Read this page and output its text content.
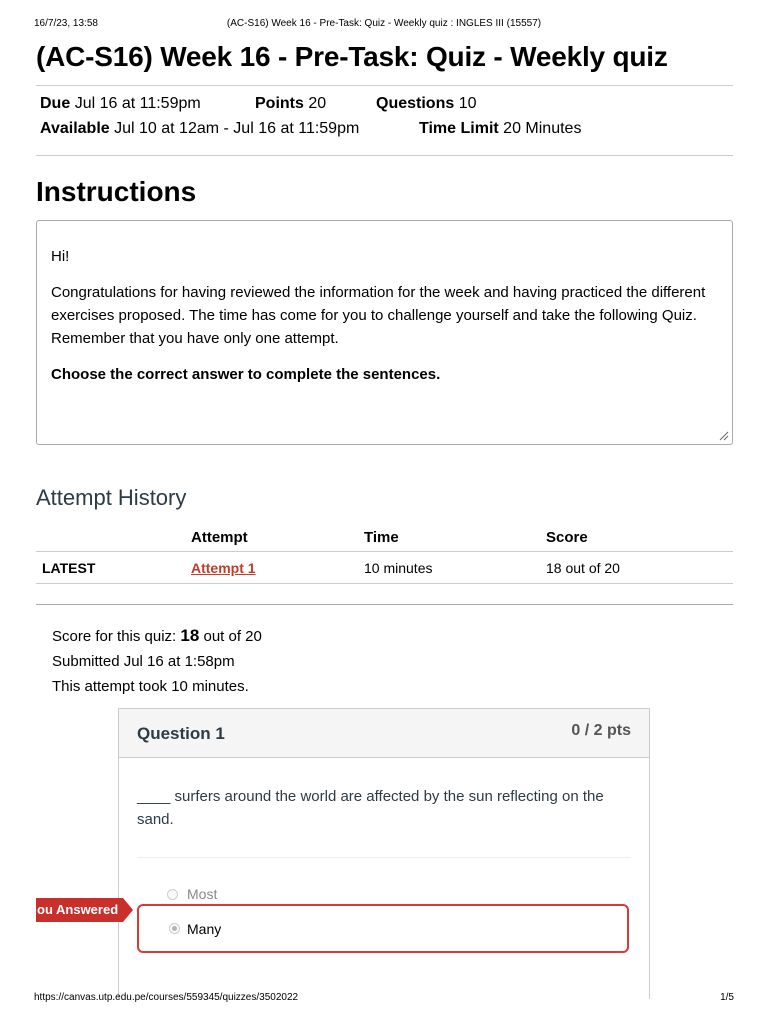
16/7/23, 13:58	(AC-S16) Week 16 - Pre-Task: Quiz - Weekly quiz : INGLES III (15557)
(AC-S16) Week 16 - Pre-Task: Quiz - Weekly quiz
Due Jul 16 at 11:59pm	Points 20	Questions 10
Available Jul 10 at 12am - Jul 16 at 11:59pm	Time Limit 20 Minutes
Instructions

Hi!

Congratulations for having reviewed the information for the week and having practiced the different exercises proposed. The time has come for you to challenge yourself and take the following Quiz. Remember that you have only one attempt.

Choose the correct answer to complete the sentences.

Attempt History
	Attempt	Time	Score
LATEST	Attempt 1	10 minutes	18 out of 20
Score for this quiz: 18 out of 20
Submitted Jul 16 at 1:58pm
This attempt took 10 minutes.
Question 1	0 / 2 pts
____ surfers around the world are affected by the sun reflecting on the sand.
Most
Many
ou Answered
https://canvas.utp.edu.pe/courses/559345/quizzes/3502022	1/5
